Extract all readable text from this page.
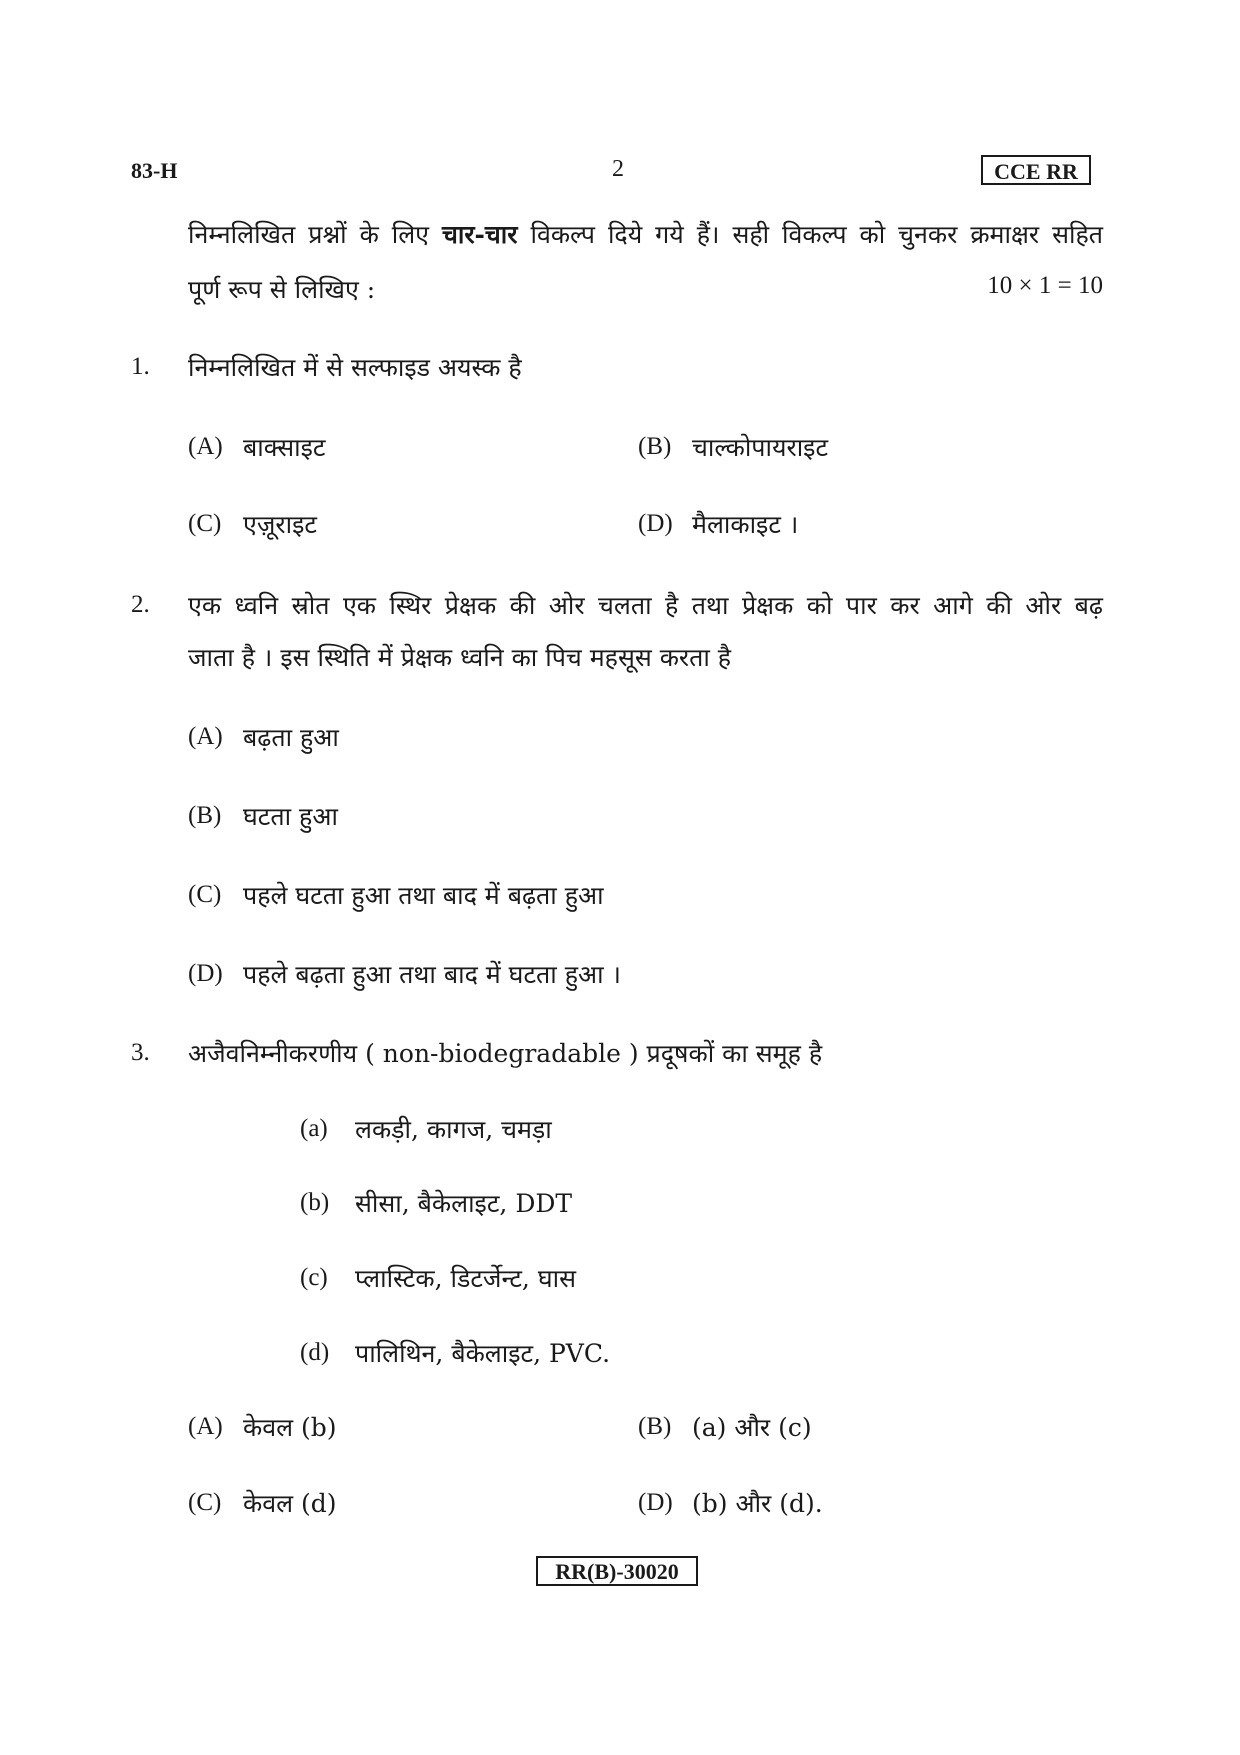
83-H	2	CCE RR
निम्नलिखित प्रश्नों के लिए चार-चार विकल्प दिये गये हैं। सही विकल्प को चुनकर क्रमाक्षर सहित
पूर्ण रूप से लिखिए :	10 × 1 = 10
1. निम्नलिखित में से सल्फाइड अयस्क है
(A) बाक्साइट	(B) चाल्कोपायराइट
(C) एज़ूराइट	(D) मैलाकाइट ।
2. एक ध्वनि स्रोत एक स्थिर प्रेक्षक की ओर चलता है तथा प्रेक्षक को पार कर आगे की ओर बढ़
जाता है । इस स्थिति में प्रेक्षक ध्वनि का पिच महसूस करता है
(A) बढ़ता हुआ
(B) घटता हुआ
(C) पहले घटता हुआ तथा बाद में बढ़ता हुआ
(D) पहले बढ़ता हुआ तथा बाद में घटता हुआ ।
3. अजैवनिम्नीकरणीय ( non-biodegradable ) प्रदूषकों का समूह है
(a) लकड़ी, कागज, चमड़ा
(b) सीसा, बैकेलाइट, DDT
(c) प्लास्टिक, डिटर्जेन्ट, घास
(d) पालिथिन, बैकेलाइट, PVC.
(A) केवल (b)	(B) (a) और (c)
(C) केवल (d)	(D) (b) और (d).
RR(B)-30020
